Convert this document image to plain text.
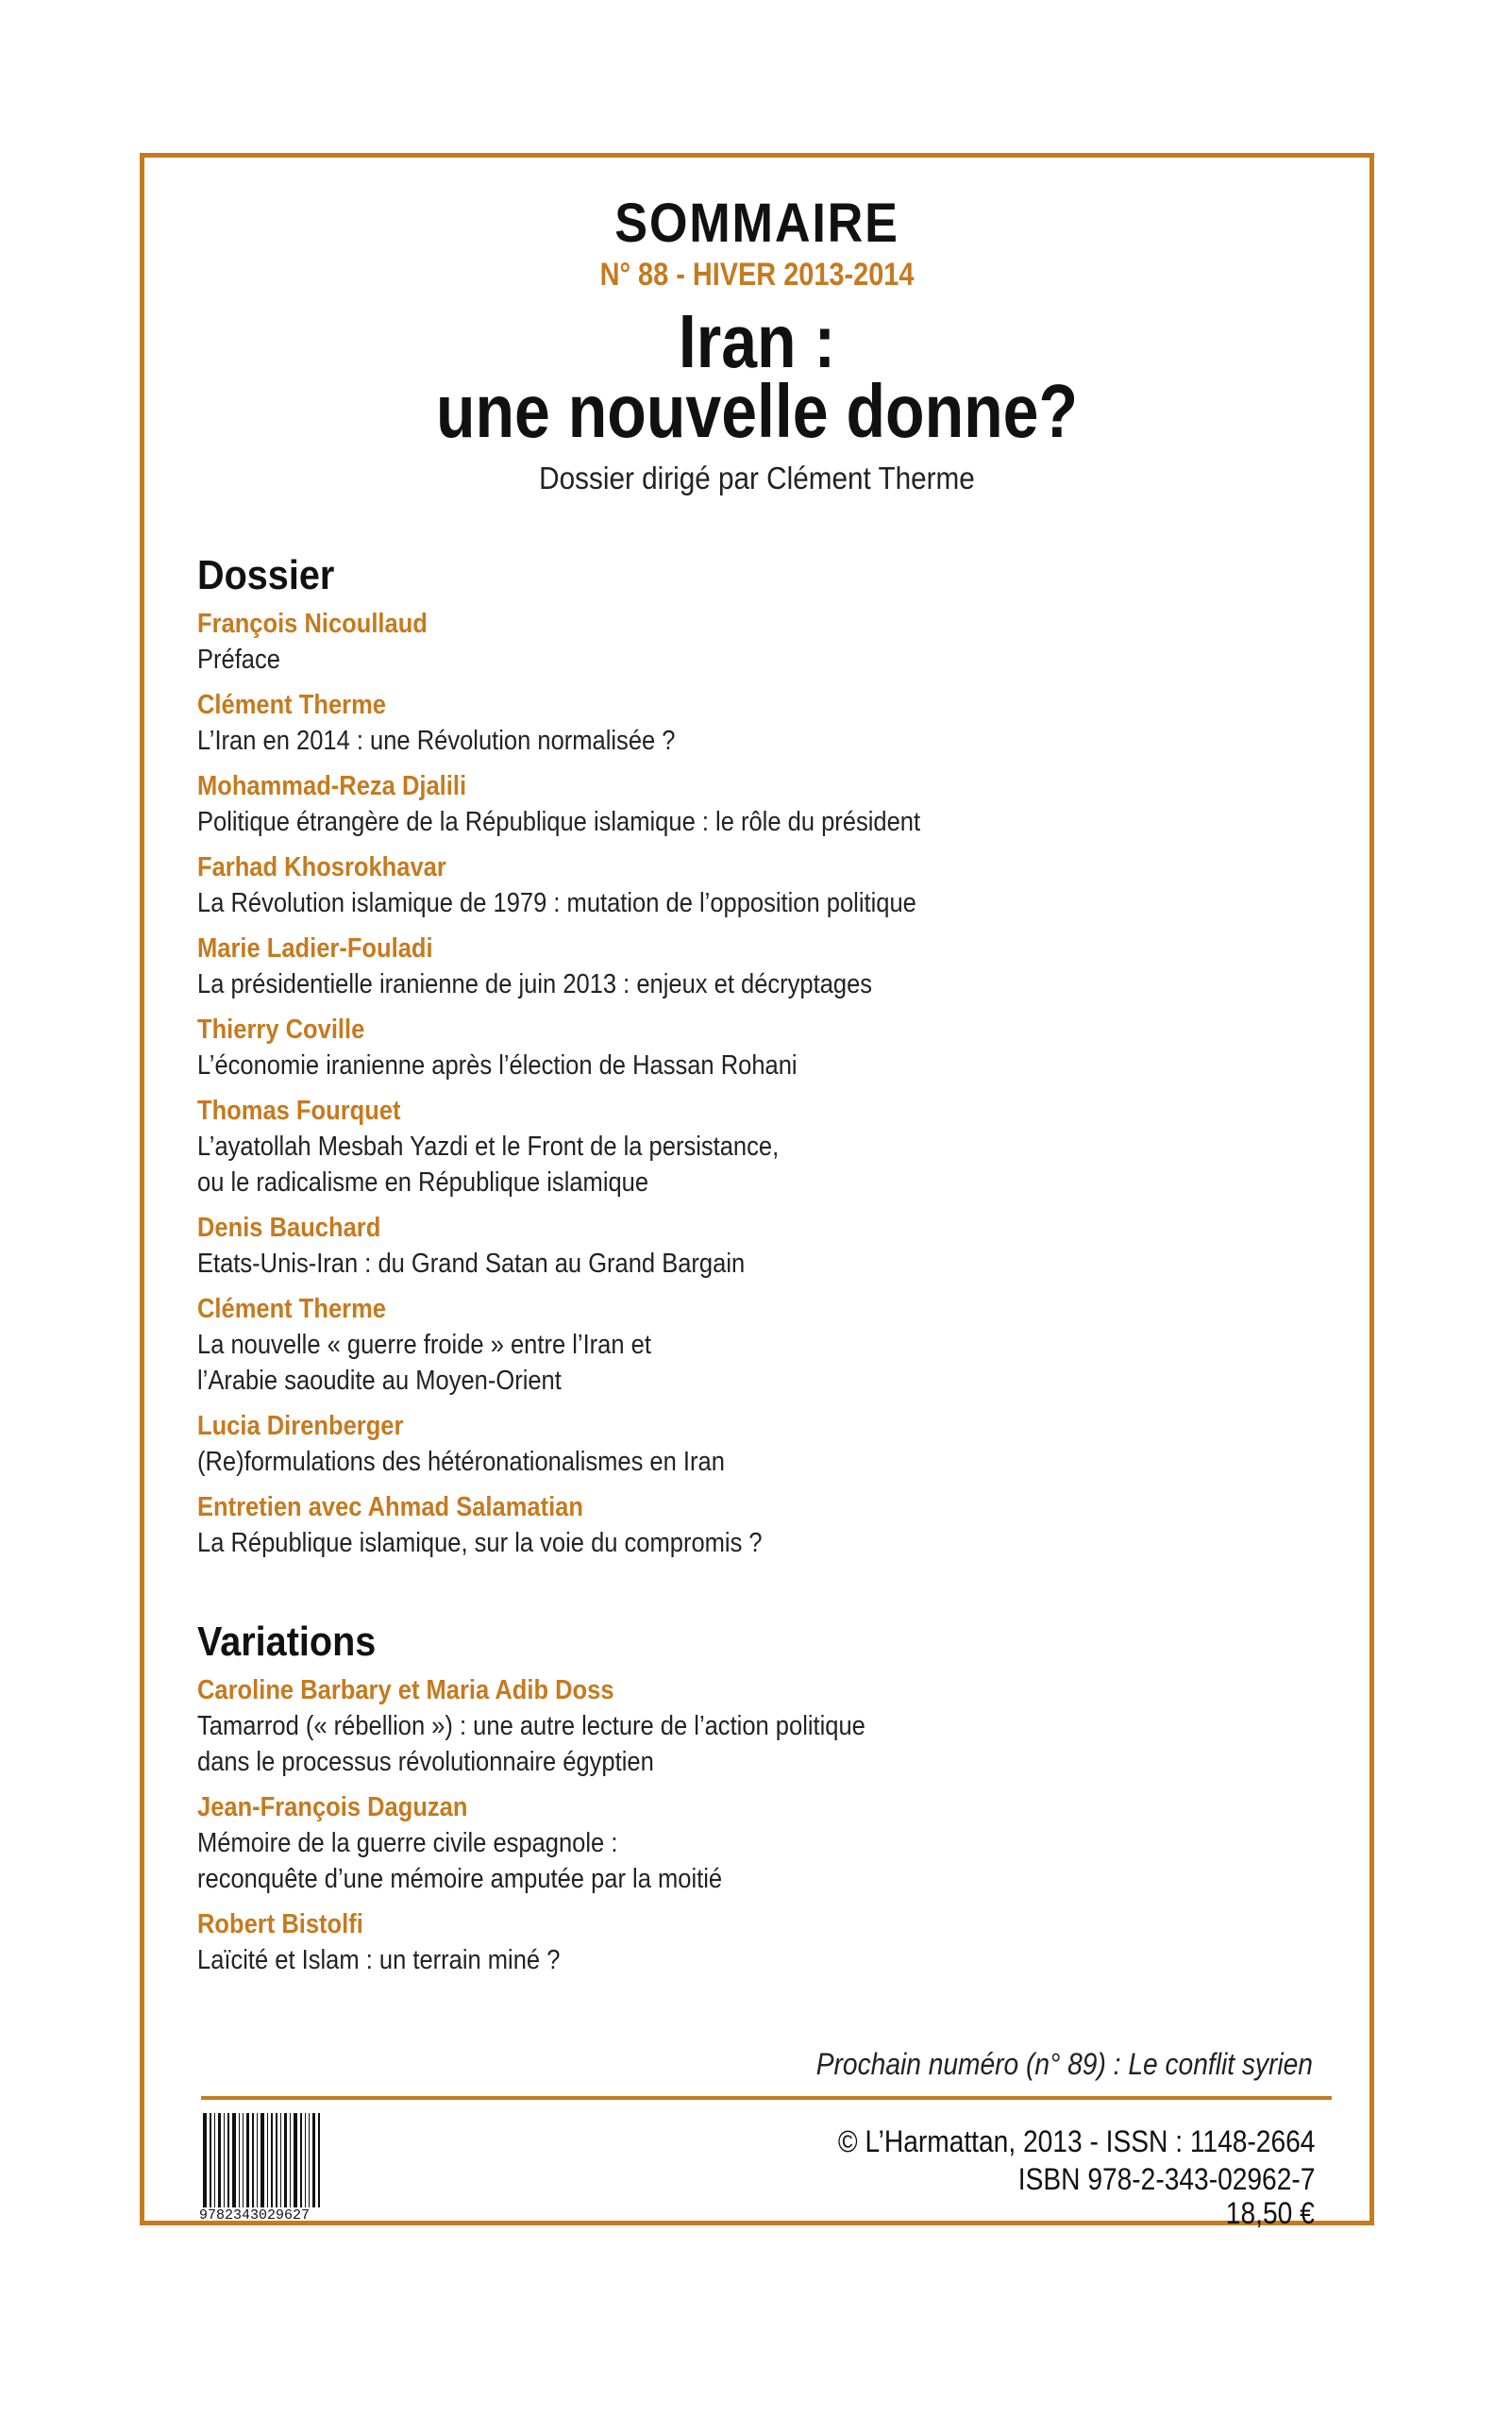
SOMMAIRE
N° 88 - HIVER 2013-2014
Iran :
une nouvelle donne?
Dossier dirigé par Clément Therme
Dossier
François Nicoullaud
Préface
Clément Therme
L’Iran en 2014 : une Révolution normalisée ?
Mohammad-Reza Djalili
Politique étrangère de la République islamique : le rôle du président
Farhad Khosrokhavar
La Révolution islamique de 1979 : mutation de l’opposition politique
Marie Ladier-Fouladi
La présidentielle iranienne de juin 2013 : enjeux et décryptages
Thierry Coville
L’économie iranienne après l’élection de Hassan Rohani
Thomas Fourquet
L’ayatollah Mesbah Yazdi et le Front de la persistance,
ou le radicalisme en République islamique
Denis Bauchard
Etats-Unis-Iran : du Grand Satan au Grand Bargain
Clément Therme
La nouvelle « guerre froide » entre l’Iran et
l’Arabie saoudite au Moyen-Orient
Lucia Direnberger
(Re)formulations des hétéronationalismes en Iran
Entretien avec Ahmad Salamatian
La République islamique, sur la voie du compromis ?
Variations
Caroline Barbary et Maria Adib Doss
Tamarrod (« rébellion ») : une autre lecture de l’action politique
dans le processus révolutionnaire égyptien
Jean-François Daguzan
Mémoire de la guerre civile espagnole :
reconquête d’une mémoire amputée par la moitié
Robert Bistolfi
Laïcité et Islam : un terrain miné ?
Prochain numéro (n° 89) : Le conflit syrien
9782343029627
© L’Harmattan, 2013 - ISSN : 1148-2664
ISBN 978-2-343-02962-7
18,50 €
